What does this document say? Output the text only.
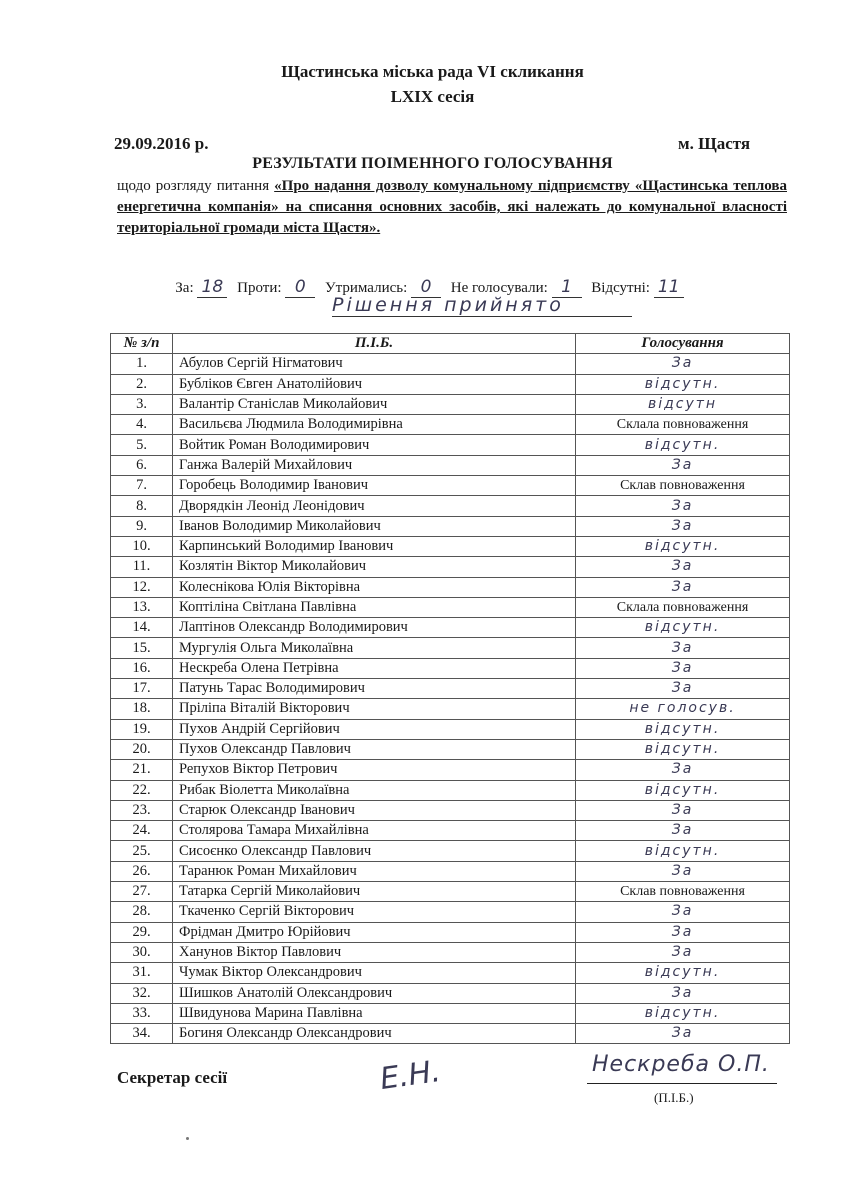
Щастинська міська рада VI скликання
LXIX сесія
29.09.2016 р.	м. Щастя
РЕЗУЛЬТАТИ ПОІМЕННОГО ГОЛОСУВАННЯ
щодо розгляду питання «Про надання дозволу комунальному підприємству «Щастинська теплова енергетична компанія» на списання основних засобів, які належать до комунальної власності територіальної громади міста Щастя».
За: 18 Проти: 0 Утримались: 0 Не голосували: 1 Відсутні: 11
Рішення прийнято
№ з/п	П.І.Б.	Голосування
1.	Абулов Сергій Нігматович	За
2.	Бубліков Євген Анатолійович	відсутн.
3.	Валантір Станіслав Миколайович	відсутн
4.	Васильєва Людмила Володимирівна	Склала повноваження
5.	Войтик Роман Володимирович	відсутн.
6.	Ганжа Валерій Михайлович	За
7.	Горобець Володимир Іванович	Склав повноваження
8.	Дворядкін Леонід Леонідович	За
9.	Іванов Володимир Миколайович	За
10.	Карпинський Володимир Іванович	відсутн.
11.	Козлятін Віктор Миколайович	За
12.	Колеснікова Юлія Вікторівна	За
13.	Коптіліна Світлана Павлівна	Склала повноваження
14.	Лаптінов Олександр Володимирович	відсутн.
15.	Мургулія Ольга Миколаївна	За
16.	Нескреба Олена Петрівна	За
17.	Патунь Тарас Володимирович	За
18.	Пріліпа Віталій Вікторович	не голосув.
19.	Пухов Андрій Сергійович	відсутн.
20.	Пухов Олександр Павлович	відсутн.
21.	Репухов Віктор Петрович	За
22.	Рибак Віолетта Миколаївна	відсутн.
23.	Старюк Олександр Іванович	За
24.	Столярова Тамара Михайлівна	За
25.	Сисоєнко Олександр Павлович	відсутн.
26.	Таранюк Роман Михайлович	За
27.	Татарка Сергій Миколайович	Склав повноваження
28.	Ткаченко Сергій Вікторович	За
29.	Фрідман Дмитро Юрійович	За
30.	Ханунов Віктор Павлович	За
31.	Чумак Віктор Олександрович	відсутн.
32.	Шишков Анатолій Олександрович	За
33.	Швидунова Марина Павлівна	відсутн.
34.	Богиня Олександр Олександрович	За
Секретар сесії	Е.Н.	Нескреба О.П.
(П.І.Б.)
